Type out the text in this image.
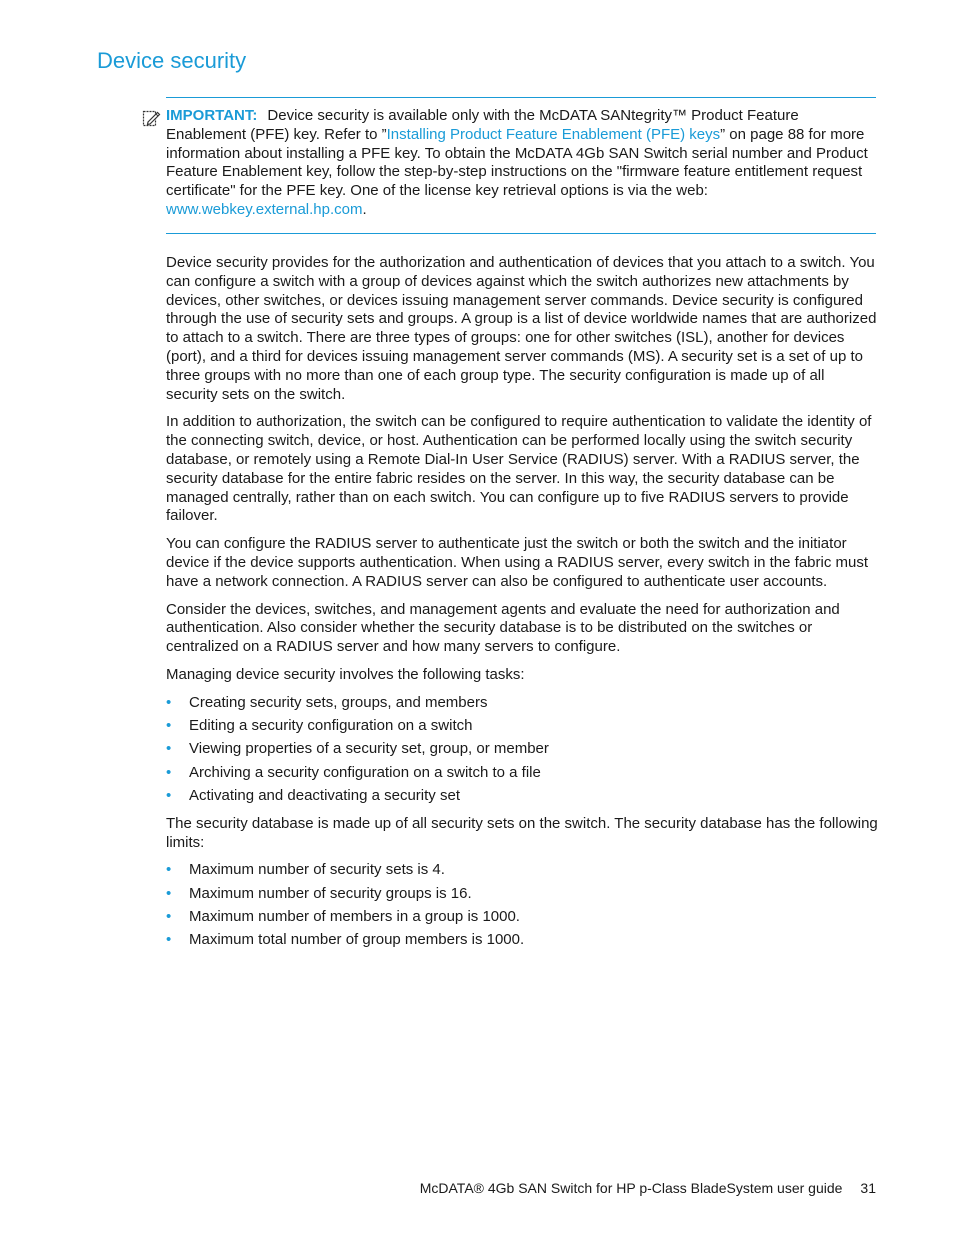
Device security
IMPORTANT: Device security is available only with the McDATA SANtegrity™ Product Feature Enablement (PFE) key. Refer to ”Installing Product Feature Enablement (PFE) keys” on page 88 for more information about installing a PFE key. To obtain the McDATA 4Gb SAN Switch serial number and Product Feature Enablement key, follow the step-by-step instructions on the "firmware feature entitlement request certificate" for the PFE key. One of the license key retrieval options is via the web: www.webkey.external.hp.com.

Device security provides for the authorization and authentication of devices that you attach to a switch. You can configure a switch with a group of devices against which the switch authorizes new attachments by devices, other switches, or devices issuing management server commands. Device security is configured through the use of security sets and groups. A group is a list of device worldwide names that are authorized to attach to a switch. There are three types of groups: one for other switches (ISL), another for devices (port), and a third for devices issuing management server commands (MS). A security set is a set of up to three groups with no more than one of each group type. The security configuration is made up of all security sets on the switch.

In addition to authorization, the switch can be configured to require authentication to validate the identity of the connecting switch, device, or host. Authentication can be performed locally using the switch security database, or remotely using a Remote Dial-In User Service (RADIUS) server. With a RADIUS server, the security database for the entire fabric resides on the server. In this way, the security database can be managed centrally, rather than on each switch. You can configure up to five RADIUS servers to provide failover.

You can configure the RADIUS server to authenticate just the switch or both the switch and the initiator device if the device supports authentication. When using a RADIUS server, every switch in the fabric must have a network connection. A RADIUS server can also be configured to authenticate user accounts.

Consider the devices, switches, and management agents and evaluate the need for authorization and authentication. Also consider whether the security database is to be distributed on the switches or centralized on a RADIUS server and how many servers to configure.

Managing device security involves the following tasks:

• Creating security sets, groups, and members
• Editing a security configuration on a switch
• Viewing properties of a security set, group, or member
• Archiving a security configuration on a switch to a file
• Activating and deactivating a security set

The security database is made up of all security sets on the switch. The security database has the following limits:

• Maximum number of security sets is 4.
• Maximum number of security groups is 16.
• Maximum number of members in a group is 1000.
• Maximum total number of group members is 1000.
McDATA® 4Gb SAN Switch for HP p-Class BladeSystem user guide 31
